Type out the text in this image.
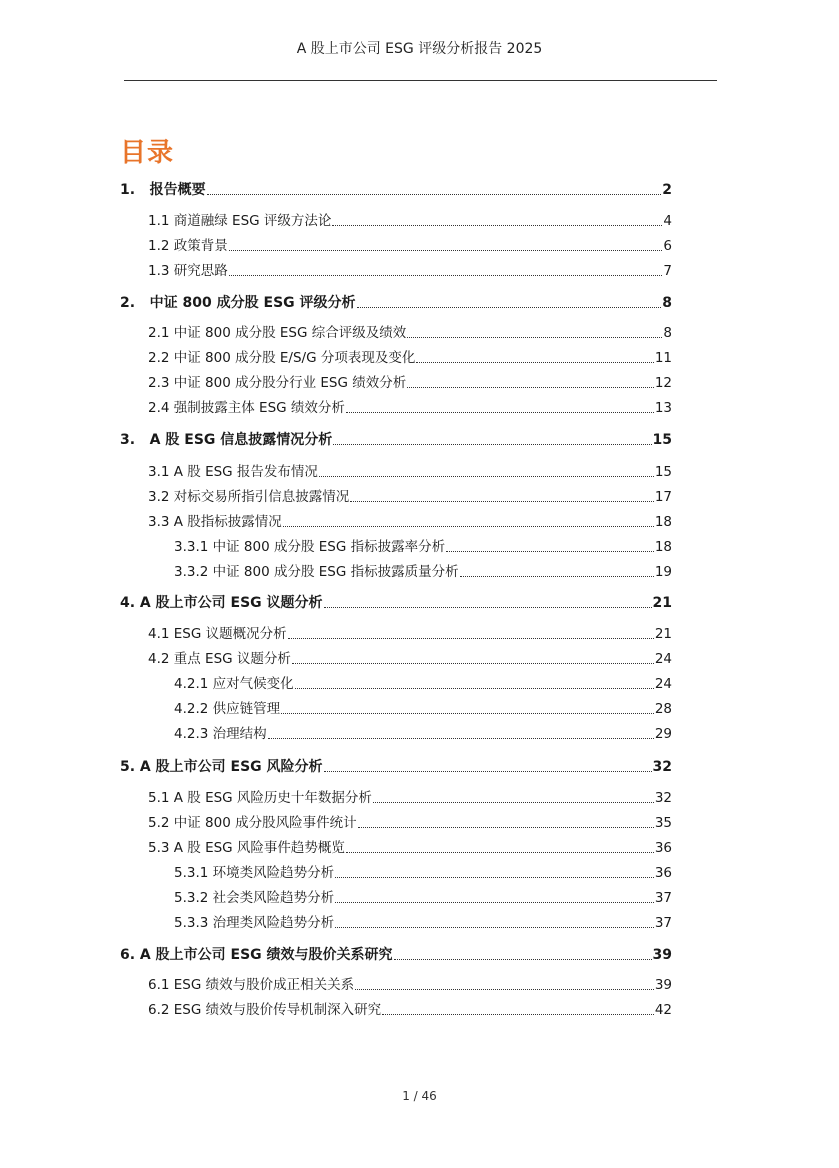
A 股上市公司 ESG 评级分析报告 2025
目录
1.   报告概要	2
1.1 商道融绿 ESG 评级方法论	4
1.2 政策背景	6
1.3 研究思路	7
2.   中证 800 成分股 ESG 评级分析	8
2.1 中证 800 成分股 ESG 综合评级及绩效	8
2.2 中证 800 成分股 E/S/G 分项表现及变化	11
2.3 中证 800 成分股分行业 ESG 绩效分析	12
2.4 强制披露主体 ESG 绩效分析	13
3.   A 股 ESG 信息披露情况分析	15
3.1 A 股 ESG 报告发布情况	15
3.2 对标交易所指引信息披露情况	17
3.3 A 股指标披露情况	18
3.3.1 中证 800 成分股 ESG 指标披露率分析	18
3.3.2 中证 800 成分股 ESG 指标披露质量分析	19
4. A 股上市公司 ESG 议题分析	21
4.1 ESG 议题概况分析	21
4.2 重点 ESG 议题分析	24
4.2.1 应对气候变化	24
4.2.2 供应链管理	28
4.2.3 治理结构	29
5. A 股上市公司 ESG 风险分析	32
5.1 A 股 ESG 风险历史十年数据分析	32
5.2 中证 800 成分股风险事件统计	35
5.3 A 股 ESG 风险事件趋势概览	36
5.3.1 环境类风险趋势分析	36
5.3.2 社会类风险趋势分析	37
5.3.3 治理类风险趋势分析	37
6. A 股上市公司 ESG 绩效与股价关系研究	39
6.1 ESG 绩效与股价成正相关关系	39
6.2 ESG 绩效与股价传导机制深入研究	42
1 / 46
